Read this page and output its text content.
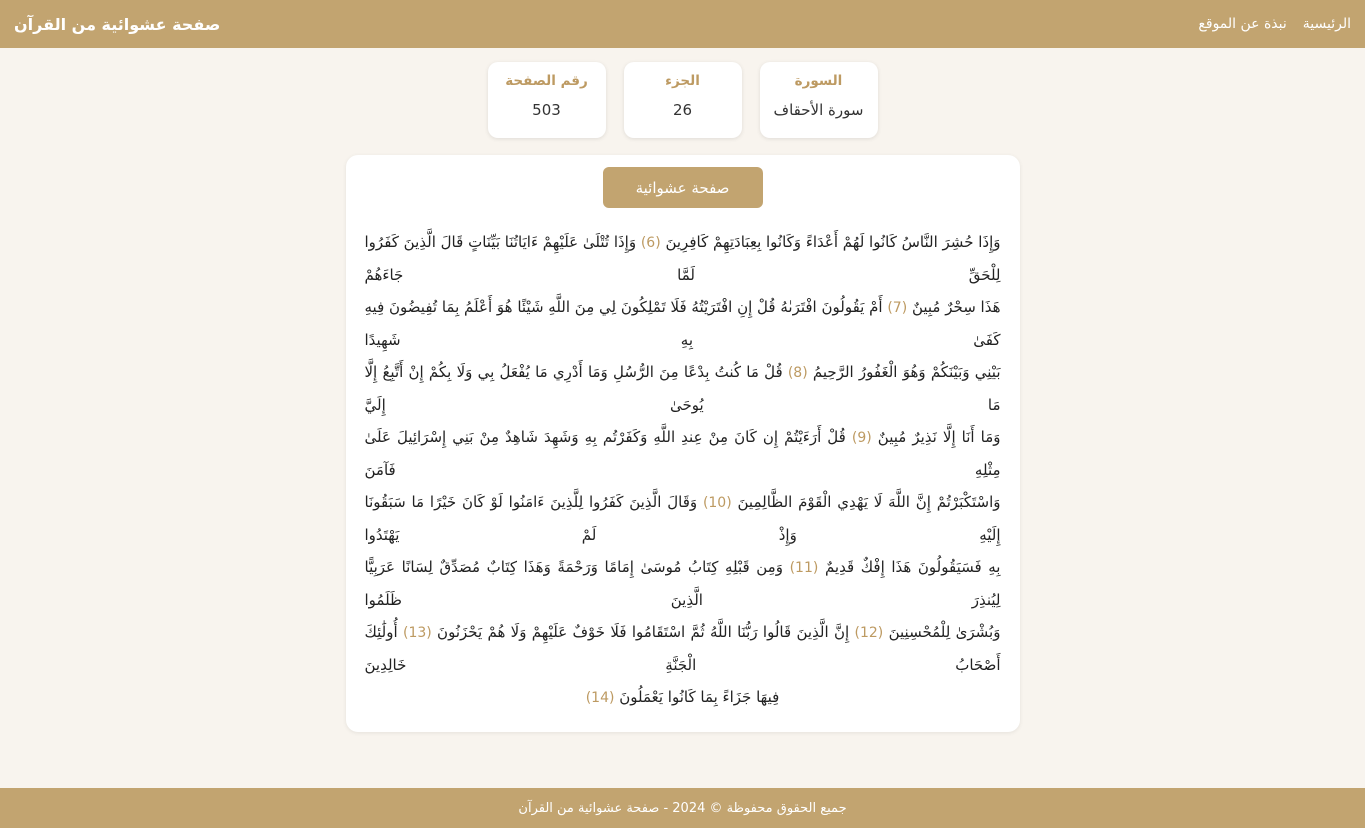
الرئيسية
نبذة عن الموقع
صفحة عشوائية من القرآن
السورة
سورة الأحقاف
الجزء
26
رقم الصفحة
503
صفحة عشوائية
وَإِذَا حُشِرَ النَّاسُ كَانُوا لَهُمْ أَعْدَاءً وَكَانُوا بِعِبَادَتِهِمْ كَافِرِينَ (6) وَإِذَا تُتْلَىٰ عَلَيْهِمْ ءَايَاتُنَا بَيِّنَاتٍ قَالَ الَّذِينَ كَفَرُوا لِلْحَقِّ لَمَّا جَاءَهُمْ
هَذَا سِحْرٌ مُبِينٌ (7) أَمْ يَقُولُونَ افْتَرَىٰهُ قُلْ إِنِ افْتَرَيْتُهُ فَلَا تَمْلِكُونَ لِي مِنَ اللَّهِ شَيْئًا هُوَ أَعْلَمُ بِمَا تُفِيضُونَ فِيهِ كَفَىٰ بِهِ شَهِيدًا
بَيْنِي وَبَيْنَكُمْ وَهُوَ الْغَفُورُ الرَّحِيمُ (8) قُلْ مَا كُنتُ بِدْعًا مِنَ الرُّسُلِ وَمَا أَدْرِي مَا يُفْعَلُ بِي وَلَا بِكُمْ إِنْ أَتَّبِعُ إِلَّا مَا يُوحَىٰ إِلَيَّ
وَمَا أَنَا إِلَّا نَذِيرٌ مُبِينٌ (9) قُلْ أَرَءَيْتُمْ إِن كَانَ مِنْ عِندِ اللَّهِ وَكَفَرْتُم بِهِ وَشَهِدَ شَاهِدٌ مِنْ بَنِي إِسْرَائِيلَ عَلَىٰ مِثْلِهِ فَآمَنَ
وَاسْتَكْبَرْتُمْ إِنَّ اللَّهَ لَا يَهْدِي الْقَوْمَ الظَّالِمِينَ (10) وَقَالَ الَّذِينَ كَفَرُوا لِلَّذِينَ ءَامَنُوا لَوْ كَانَ خَيْرًا مَا سَبَقُونَا إِلَيْهِ وَإِذْ لَمْ يَهْتَدُوا
بِهِ فَسَيَقُولُونَ هَذَا إِفْكٌ قَدِيمٌ (11) وَمِن قَبْلِهِ كِتَابُ مُوسَىٰ إِمَامًا وَرَحْمَةً وَهَذَا كِتَابٌ مُصَدِّقٌ لِسَانًا عَرَبِيًّا لِيُنذِرَ الَّذِينَ ظَلَمُوا
وَبُشْرَىٰ لِلْمُحْسِنِينَ (12) إِنَّ الَّذِينَ قَالُوا رَبُّنَا اللَّهُ ثُمَّ اسْتَقَامُوا فَلَا خَوْفٌ عَلَيْهِمْ وَلَا هُمْ يَحْزَنُونَ (13) أُولَٰئِكَ أَصْحَابُ الْجَنَّةِ خَالِدِينَ
فِيهَا جَزَاءً بِمَا كَانُوا يَعْمَلُونَ (14)
جميع الحقوق محفوظة © 2024 - صفحة عشوائية من القرآن
